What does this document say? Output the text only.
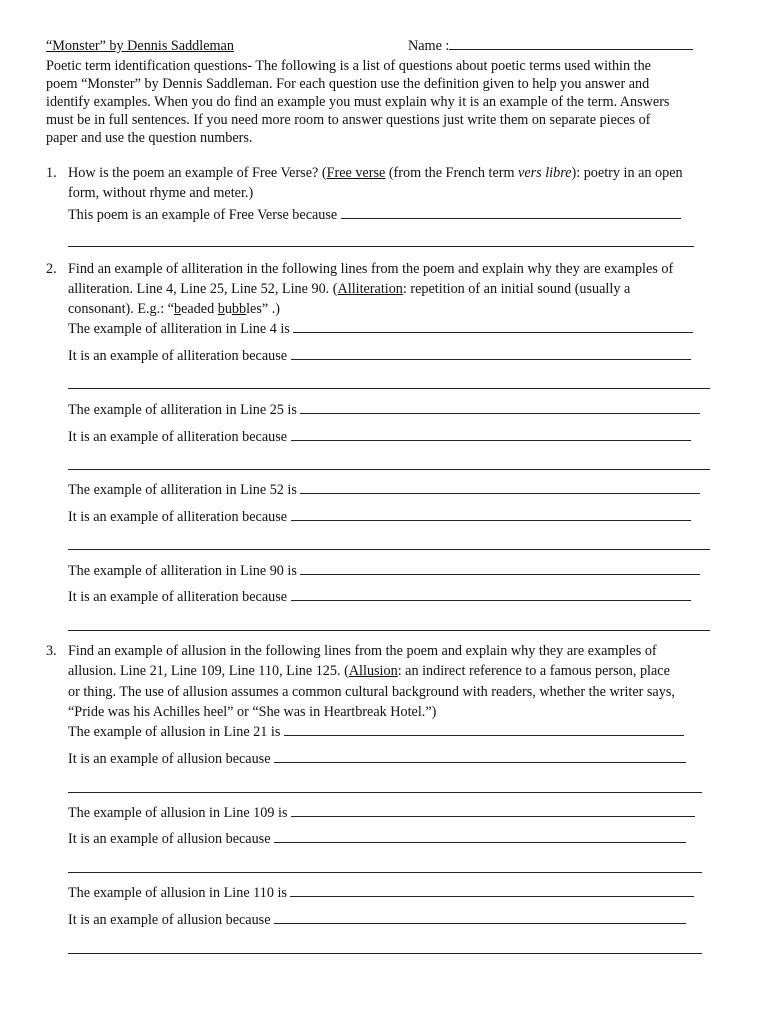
“Monster” by Dennis Saddleman	Name :
Poetic term identification questions- The following is a list of questions about poetic terms used within the
poem “Monster” by Dennis Saddleman. For each question use the definition given to help you answer and
identify examples. When you do find an example you must explain why it is an example of the term. Answers
must be in full sentences. If you need more room to answer questions just write them on separate pieces of
paper and use the question numbers.
1. How is the poem an example of Free Verse? (Free verse (from the French term vers libre): poetry in an open
form, without rhyme and meter.)
This poem is an example of Free Verse because
2. Find an example of alliteration in the following lines from the poem and explain why they are examples of
alliteration. Line 4, Line 25, Line 52, Line 90. (Alliteration: repetition of an initial sound (usually a
consonant). E.g.: “beaded bubbles” .)
The example of alliteration in Line 4 is
It is an example of alliteration because
The example of alliteration in Line 25 is
It is an example of alliteration because
The example of alliteration in Line 52 is
It is an example of alliteration because
The example of alliteration in Line 90 is
It is an example of alliteration because
3. Find an example of allusion in the following lines from the poem and explain why they are examples of
allusion. Line 21, Line 109, Line 110, Line 125. (Allusion: an indirect reference to a famous person, place
or thing. The use of allusion assumes a common cultural background with readers, whether the writer says,
“Pride was his Achilles heel” or “She was in Heartbreak Hotel.”)
The example of allusion in Line 21 is
It is an example of allusion because
The example of allusion in Line 109 is
It is an example of allusion because
The example of allusion in Line 110 is
It is an example of allusion because
